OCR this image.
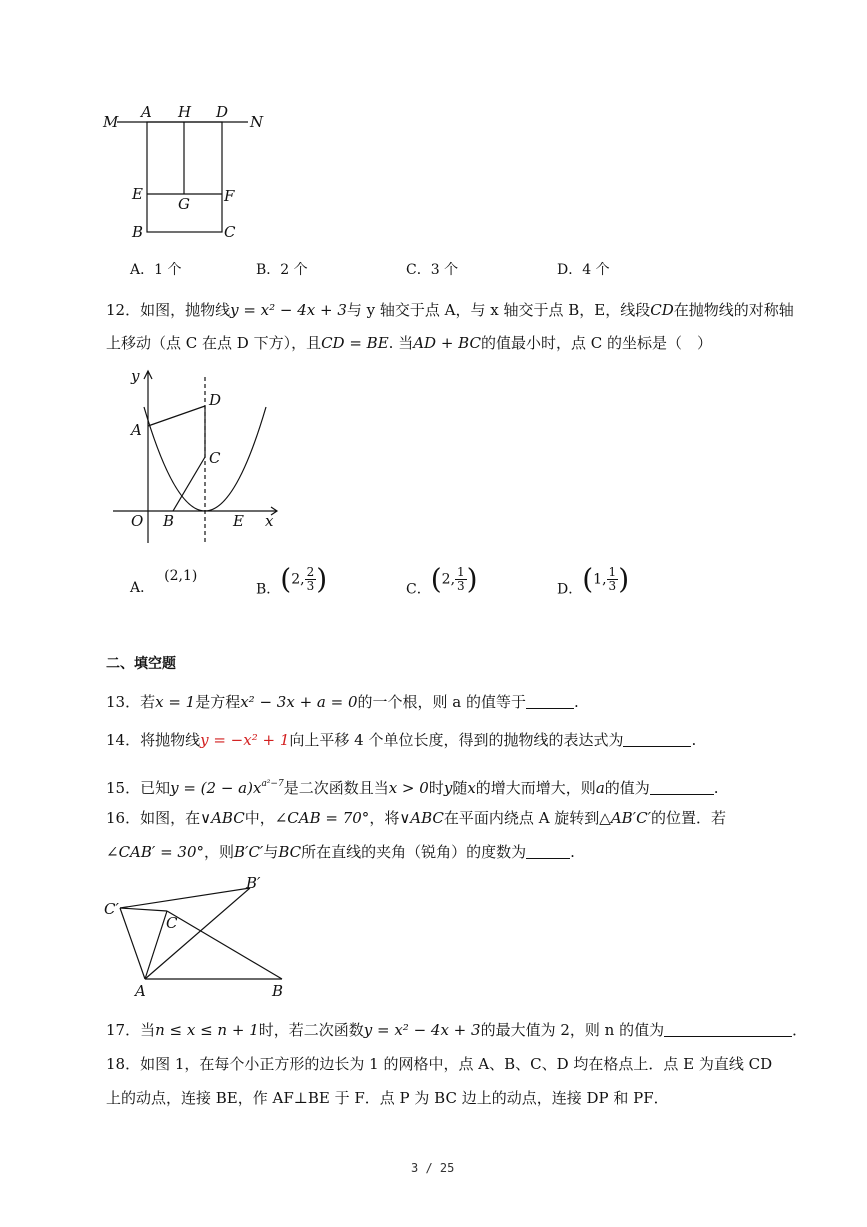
M
A H D
N
E
G F
B	C
A．1 个	B．2 个	C．3 个	D．4 个
12．如图，抛物线y = x² − 4x + 3与 y 轴交于点 A，与 x 轴交于点 B，E，线段CD在抛物线的对称轴
上移动（点 C 在点 D 下方），且CD = BE. 当AD + BC的值最小时，点 C 的坐标是（　）
y
D
A
C
O B	E x
A．(2,1)
B．(2, $\frac{2}{3}$ )	C．(2, $\frac{1}{3}$ )	D．(1, $\frac{1}{3}$ )
二、填空题
13．若x = 1是方程x² − 3x + a = 0的一个根，则 a 的值等于	.
14．将抛物线y = −x² + 1向上平移 4 个单位长度，得到的抛物线的表达式为	.
15．已知$y = (2 - a)x^{a^2-7}$是二次函数且当x > 0时y随x的增大而增大，则a的值为	.
16．如图，在∨ABC中，∠CAB = 70°，将∨ABC在平面内绕点 A 旋转到△AB′C′的位置．若
∠CAB′ = 30°，则B′C′与BC所在直线的夹角（锐角）的度数为	.
C′
B′
C
A	B
17．当n ≤ x ≤ n + 1时，若二次函数y = x² − 4x + 3的最大值为 2，则 n 的值为	．
18．如图 1，在每个小正方形的边长为 1 的网格中，点 A、B、C、D 均在格点上．点 E 为直线 CD
上的动点，连接 BE，作 AF⊥BE 于 F．点 P 为 BC 边上的动点，连接 DP 和 PF．
3 / 25
